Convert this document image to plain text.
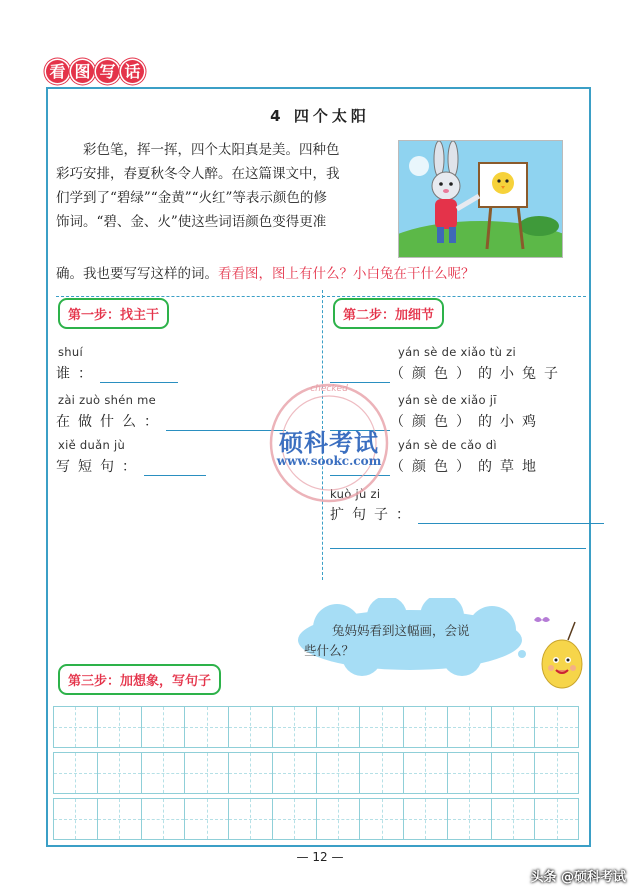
看 图 写 话
4 四个太阳
彩色笔，挥一挥，四个太阳真是美。四种色
彩巧安排，春夏秋冬令人醉。在这篇课文中，我
们学到了“碧绿”“金黄”“火红”等表示颜色的修
饰词。“碧、金、火”使这些词语颜色变得更准
确。我也要写写这样的词。看看图，图上有什么？小白兔在干什么呢？
第一步：找主干
shuí
谁：
zài zuò shén me
在做什么：
xiě duǎn jù
写短句：
第二步：加细节
yán sè de xiǎo tù zi
（颜色）的小兔子
yán sè de xiǎo jī
（颜色）的小鸡
yán sè de cǎo dì
（颜色）的草地
kuò jù zi
扩句子：
checked
硕科考试
www.sookc.com
兔妈妈看到这幅画，会说
些什么？
第三步：加想象，写句子
— 12 —
头条 @硕科考试
